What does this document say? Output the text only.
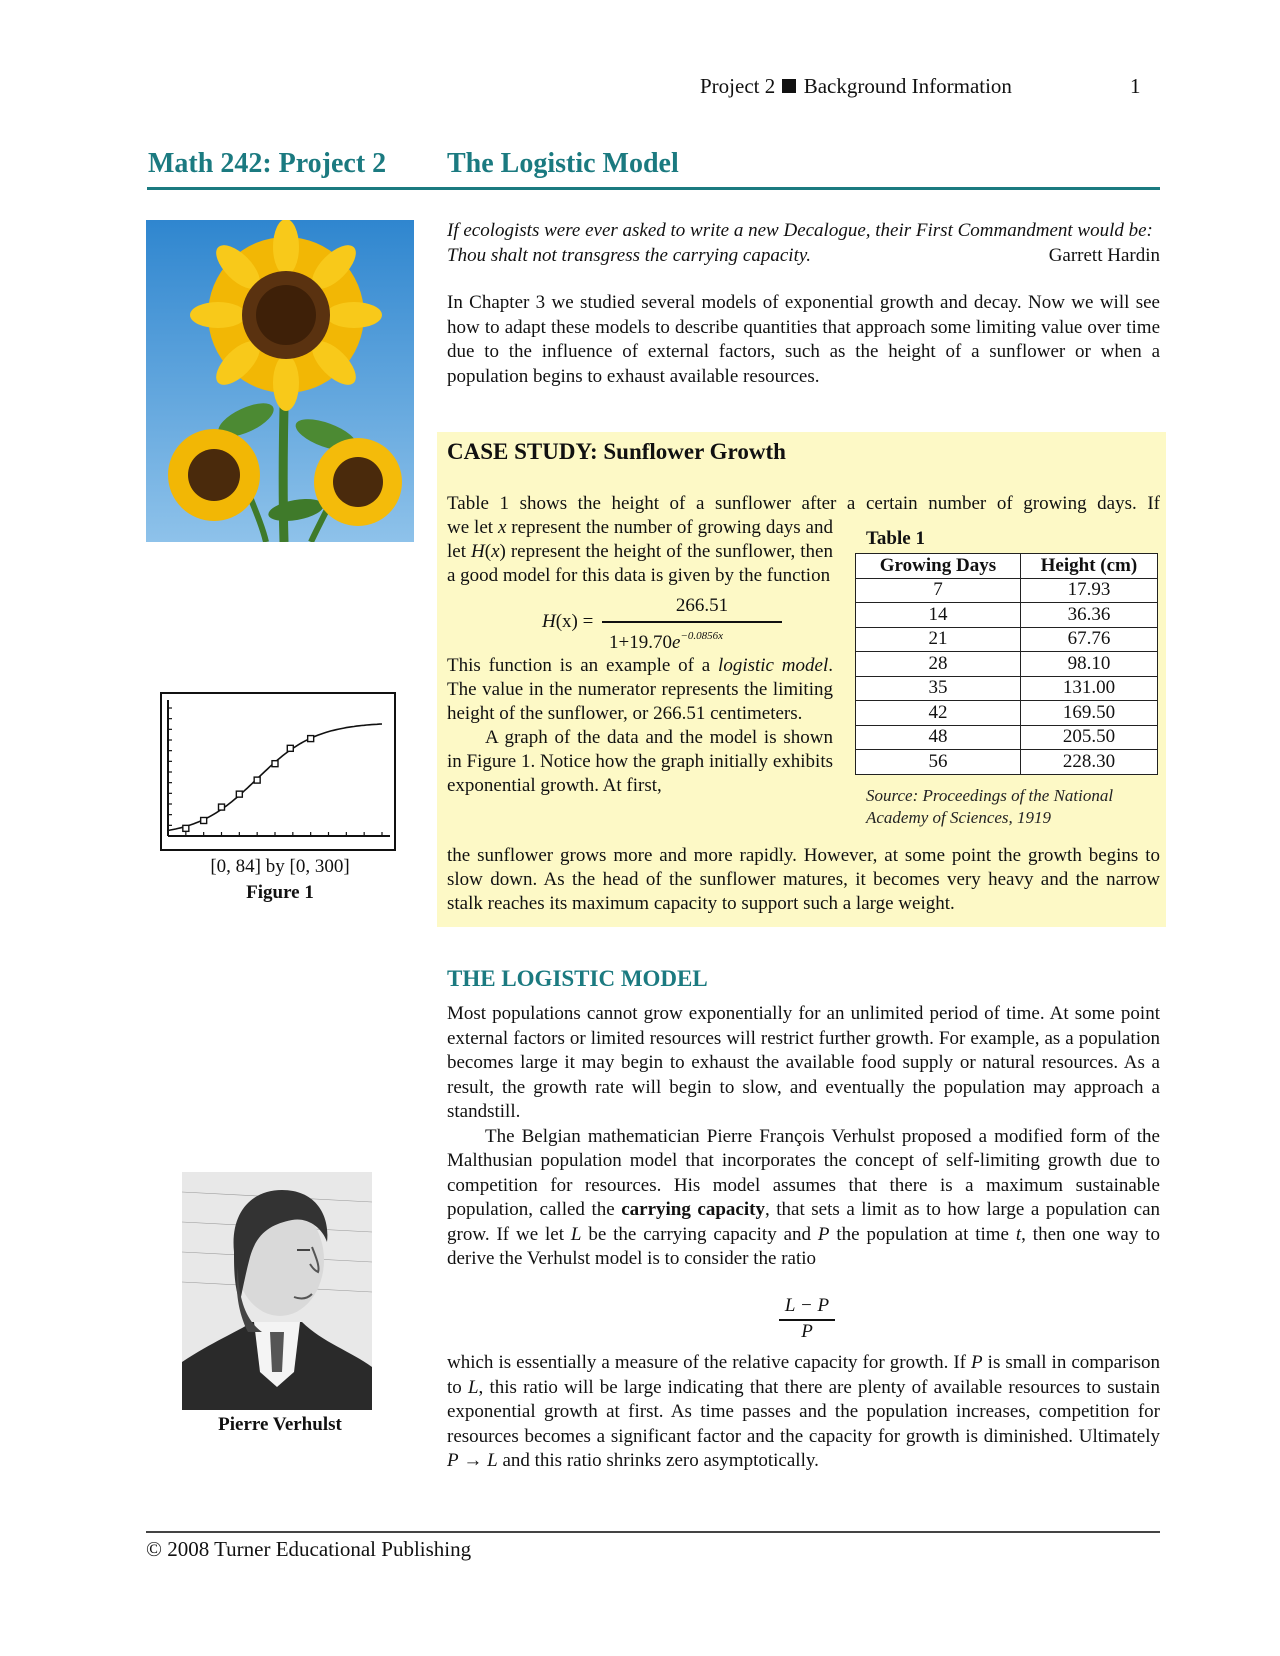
Project 2 Background Information	1
Math 242: Project 2 The Logistic Model
If ecologists were ever asked to write a new Decalogue, their First Commandment would be: Thou shalt not transgress the carrying capacity.	Garrett Hardin
In Chapter 3 we studied several models of exponential growth and decay. Now we will see how to adapt these models to describe quantities that approach some limiting value over time due to the influence of external factors, such as the height of a sunflower or when a population begins to exhaust available resources.
CASE STUDY: Sunflower Growth
Table 1 shows the height of a sunflower after a certain number of growing days. If

we let x represent the number of growing days and let H(x) represent the height of the sunflower, then a good model for this data is given by the function

H(x) =
266.51
$1+19.70e^{-0.0856x}$

This function is an example of a logistic model. The value in the numerator represents the limiting height of the sunflower, or 266.51 centimeters.

A graph of the data and the model is shown in Figure 1. Notice how the graph initially exhibits exponential growth. At first,

the sunflower grows more and more rapidly. However, at some point the growth begins to slow down. As the head of the sunflower matures, it becomes very heavy and the narrow stalk reaches its maximum capacity to support such a large weight.
Table 1
Growing Days	Height (cm)
7	17.93
14	36.36
21	67.76
28	98.10
35	131.00
42	169.50
48	205.50
56	228.30
Source: Proceedings of the National Academy of Sciences, 1919
[0, 84] by [0, 300]
Figure 1
THE LOGISTIC MODEL

Most populations cannot grow exponentially for an unlimited period of time. At some point external factors or limited resources will restrict further growth. For example, as a population becomes large it may begin to exhaust the available food supply or natural resources. As a result, the growth rate will begin to slow, and eventually the population may approach a standstill.

The Belgian mathematician Pierre François Verhulst proposed a modified form of the Malthusian population model that incorporates the concept of self-limiting growth due to competition for resources. His model assumes that there is a maximum sustainable population, called the carrying capacity, that sets a limit as to how large a population can grow. If we let L be the carrying capacity and P the population at time t, then one way to derive the Verhulst model is to consider the ratio

L − P
P
which is essentially a measure of the relative capacity for growth. If P is small in comparison to L, this ratio will be large indicating that there are plenty of available resources to sustain exponential growth at first. As time passes and the population increases, competition for resources becomes a significant factor and the capacity for growth is diminished. Ultimately P → L and this ratio shrinks zero asymptotically.
Pierre Verhulst
© 2008 Turner Educational Publishing
